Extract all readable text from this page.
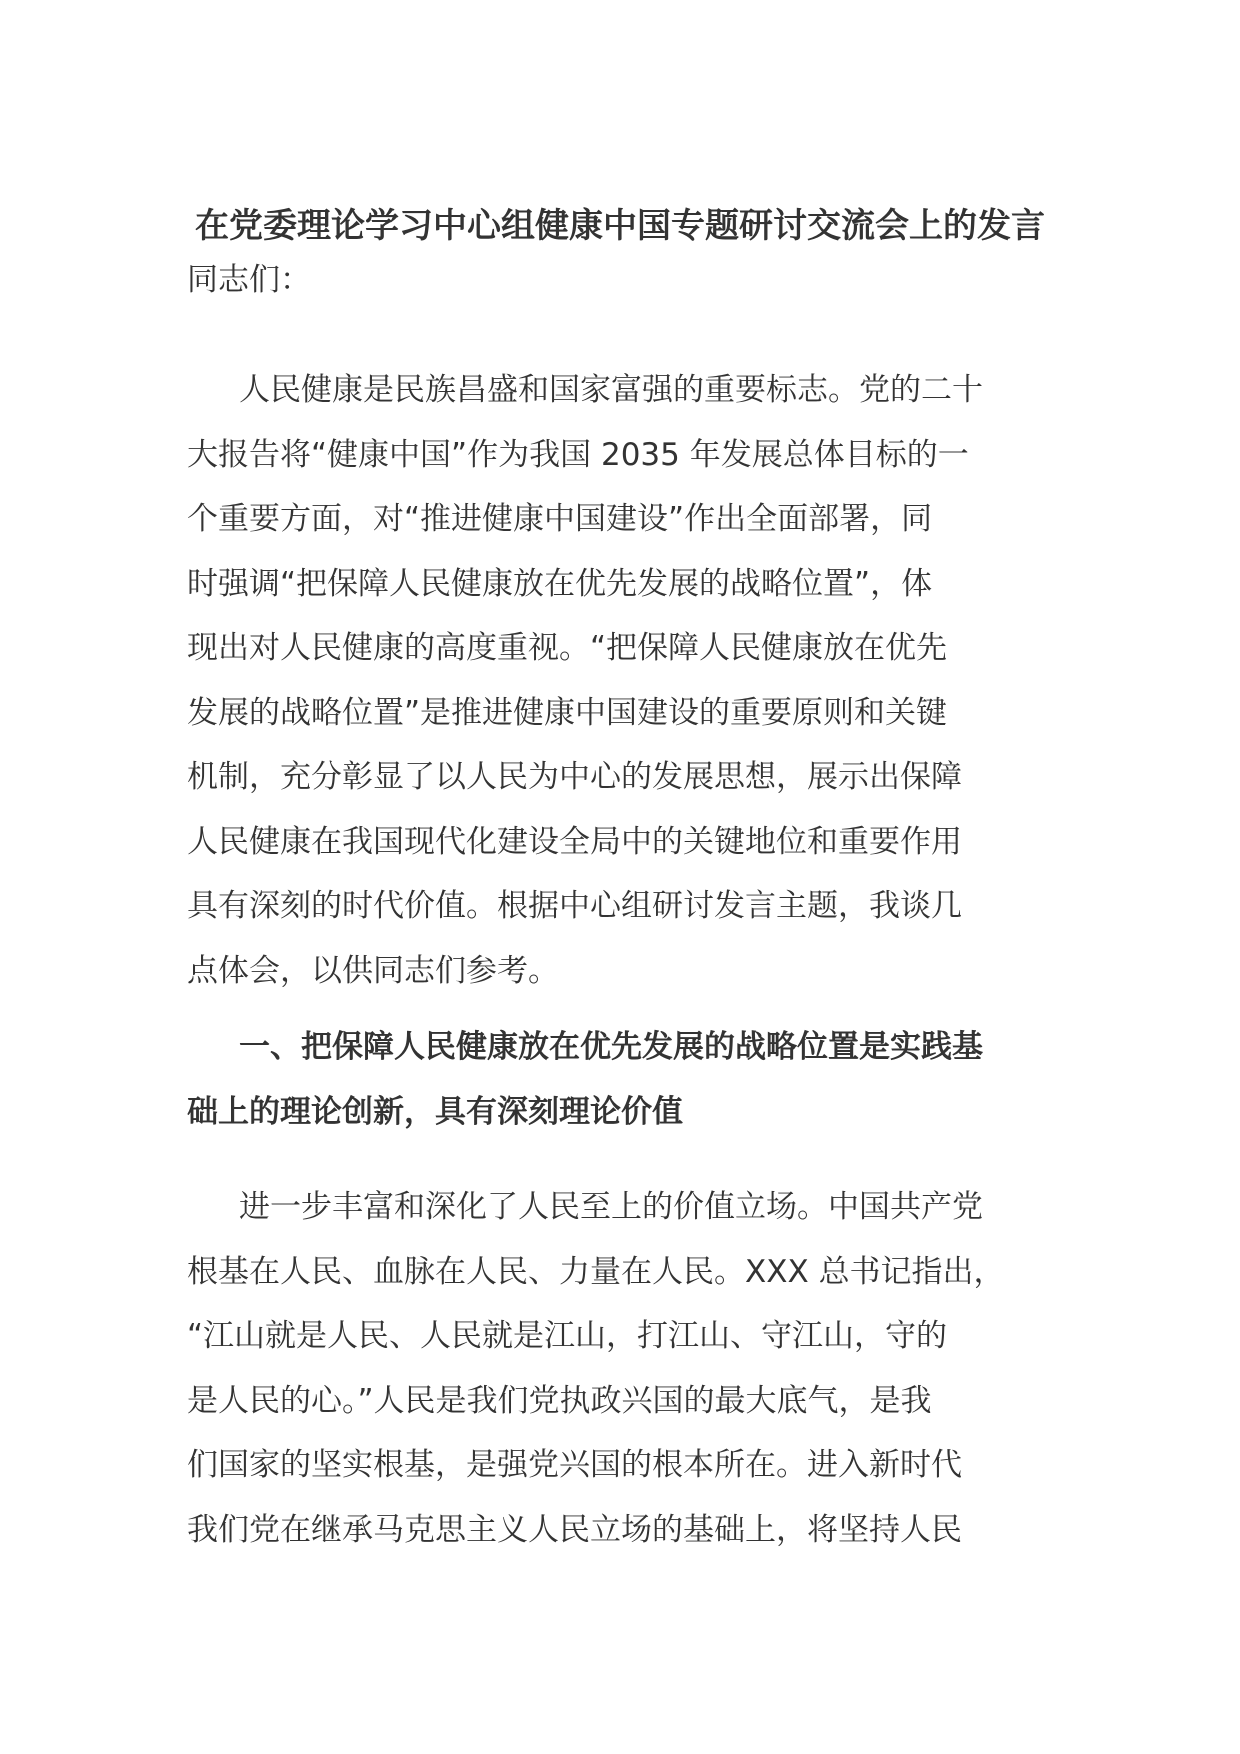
在党委理论学习中心组健康中国专题研讨交流会上的发言
同志们：
人民健康是民族昌盛和国家富强的重要标志。党的二十
大报告将“健康中国”作为我国 2035 年发展总体目标的一
个重要方面，对“推进健康中国建设”作出全面部署，同
时强调“把保障人民健康放在优先发展的战略位置”，体
现出对人民健康的高度重视。“把保障人民健康放在优先
发展的战略位置”是推进健康中国建设的重要原则和关键
机制，充分彰显了以人民为中心的发展思想，展示出保障
人民健康在我国现代化建设全局中的关键地位和重要作用
具有深刻的时代价值。根据中心组研讨发言主题，我谈几
点体会，以供同志们参考。
一、把保障人民健康放在优先发展的战略位置是实践基
础上的理论创新，具有深刻理论价值
进一步丰富和深化了人民至上的价值立场。中国共产党
根基在人民、血脉在人民、力量在人民。XXX 总书记指出，
“江山就是人民、人民就是江山，打江山、守江山，守的
是人民的心。”人民是我们党执政兴国的最大底气，是我
们国家的坚实根基，是强党兴国的根本所在。进入新时代
我们党在继承马克思主义人民立场的基础上，将坚持人民
